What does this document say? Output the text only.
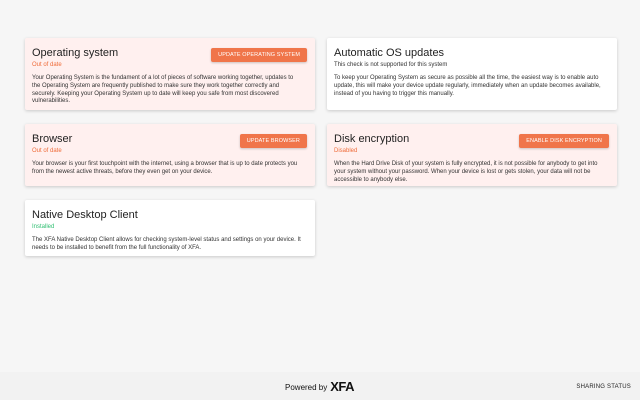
Operating system
Out of date
UPDATE OPERATING SYSTEM
Your Operating System is the fundament of a lot of pieces of software working together, updates to the Operating System are frequently published to make sure they work together correctly and securely. Keeping your Operating System up to date will keep you safe from most discovered vulnerabilities.
Automatic OS updates
This check is not supported for this system
To keep your Operating System as secure as possible all the time, the easiest way is to enable auto update, this will make your device update regularly, immediately when an update becomes available, instead of you having to trigger this manually.
Browser
Out of date
UPDATE BROWSER
Your browser is your first touchpoint with the internet, using a browser that is up to date protects you from the newest active threats, before they even get on your device.
Disk encryption
Disabled
ENABLE DISK ENCRYPTION
When the Hard Drive Disk of your system is fully encrypted, it is not possible for anybody to get into your system without your password. When your device is lost or gets stolen, your data will not be accessible to anybody else.
Native Desktop Client
Installed
The XFA Native Desktop Client allows for checking system-level status and settings on your device. It needs to be installed to benefit from the full functionality of XFA.
Powered by XFA	SHARING STATUS
